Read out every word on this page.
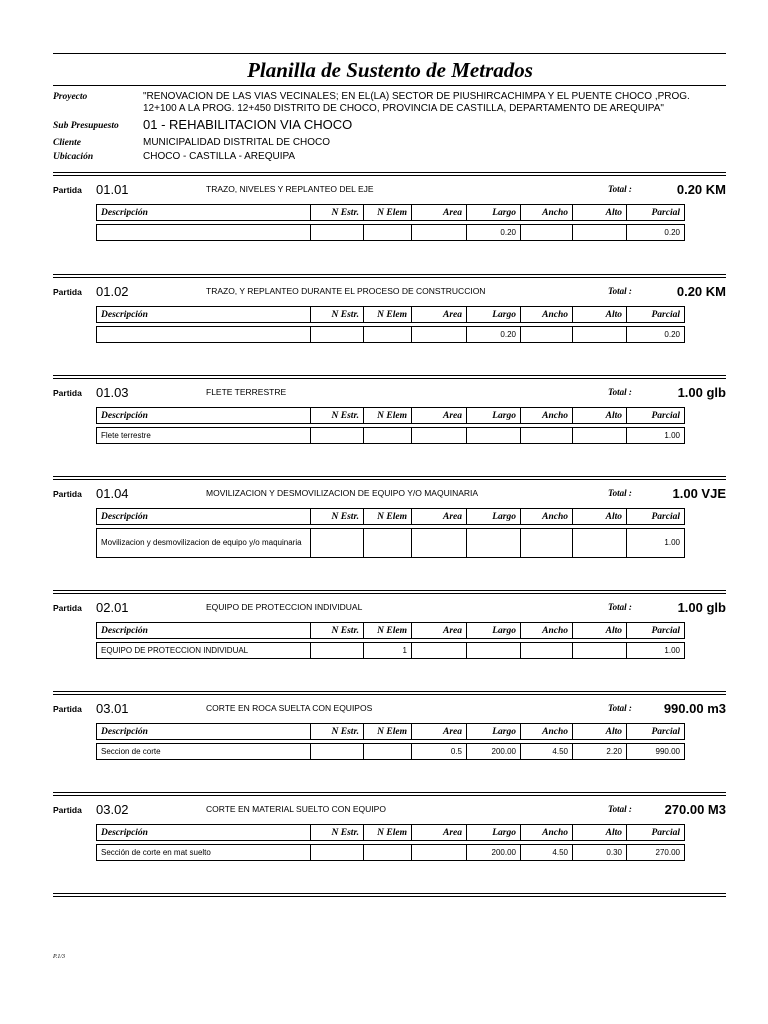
Planilla de Sustento de Metrados
Proyecto	"RENOVACION DE LAS VIAS VECINALES; EN EL(LA) SECTOR DE PIUSHIRCACHIMPA Y EL PUENTE CHOCO ,PROG.
12+100 A LA PROG. 12+450 DISTRITO DE CHOCO, PROVINCIA DE CASTILLA, DEPARTAMENTO DE AREQUIPA"
Sub Presupuesto 01 - REHABILITACION VIA CHOCO
Cliente	MUNICIPALIDAD DISTRITAL DE CHOCO
Ubicación	CHOCO - CASTILLA - AREQUIPA
Partida 01.01	TRAZO, NIVELES Y REPLANTEO DEL EJE	Total :	0.20 KM
Descripción	N Estr.	N Elem	Area	Largo	Ancho	Alto	Parcial

				0.20			0.20
Partida 01.02	TRAZO, Y REPLANTEO DURANTE EL PROCESO DE CONSTRUCCION	Total :	0.20 KM
Descripción	N Estr.	N Elem	Area	Largo	Ancho	Alto	Parcial

				0.20			0.20
Partida 01.03	FLETE TERRESTRE	Total :	1.00 glb
Descripción	N Estr.	N Elem	Area	Largo	Ancho	Alto	Parcial

Flete terrestre							1.00
Partida 01.04	MOVILIZACION Y DESMOVILIZACION DE EQUIPO Y/O MAQUINARIA	Total :	1.00 VJE
Descripción	N Estr.	N Elem	Area	Largo	Ancho	Alto	Parcial

Movilizacion y desmovilizacion de equipo y/o maquinaria							1.00
Partida 02.01	EQUIPO DE PROTECCION INDIVIDUAL	Total :	1.00 glb
Descripción	N Estr.	N Elem	Area	Largo	Ancho	Alto	Parcial

EQUIPO DE PROTECCION INDIVIDUAL		1					1.00
Partida 03.01	CORTE EN ROCA SUELTA CON EQUIPOS	Total : 990.00 m3
Descripción	N Estr.	N Elem	Area	Largo	Ancho	Alto	Parcial

Seccion de corte			0.5	200.00	4.50	2.20	990.00
Partida 03.02	CORTE EN MATERIAL SUELTO CON EQUIPO	Total :	270.00 M3
Descripción	N Estr.	N Elem	Area	Largo	Ancho	Alto	Parcial

Sección de corte en mat suelto				200.00	4.50	0.30	270.00
P.1/3
